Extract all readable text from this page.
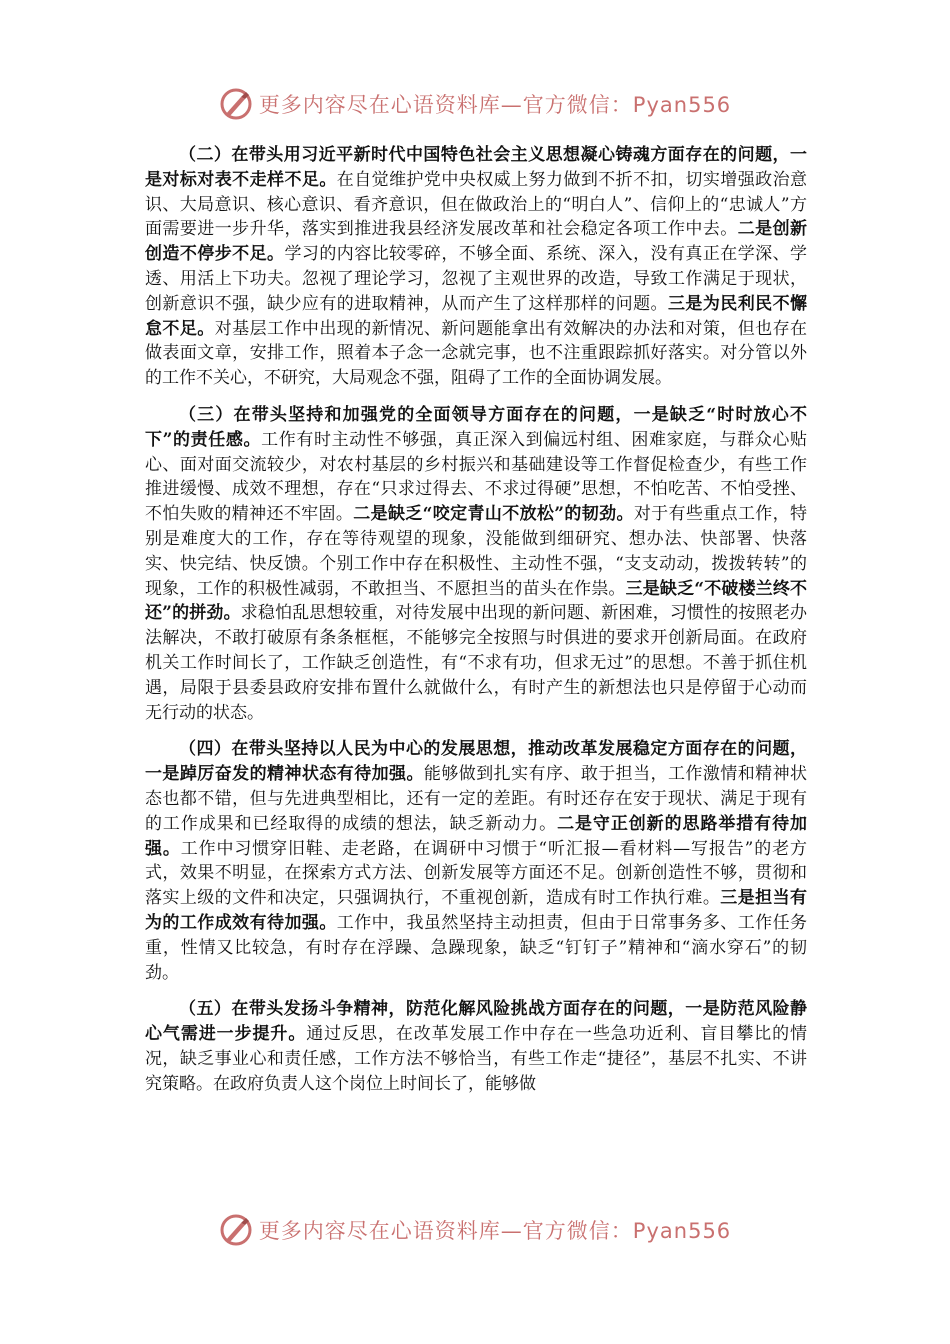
更多内容尽在心语资料库—官方微信：Pyan556

（二）在带头用习近平新时代中国特色社会主义思想凝心铸魂方面存在的问题，一是对标对表不走样不足。在自觉维护党中央权威上努力做到不折不扣，切实增强政治意识、大局意识、核心意识、看齐意识，但在做政治上的“明白人”、信仰上的“忠诚人”方面需要进一步升华，落实到推进我县经济发展改革和社会稳定各项工作中去。二是创新创造不停步不足。学习的内容比较零碎，不够全面、系统、深入，没有真正在学深、学透、用活上下功夫。忽视了理论学习，忽视了主观世界的改造，导致工作满足于现状，创新意识不强，缺少应有的进取精神，从而产生了这样那样的问题。三是为民利民不懈怠不足。对基层工作中出现的新情况、新问题能拿出有效解决的办法和对策，但也存在做表面文章，安排工作，照着本子念一念就完事，也不注重跟踪抓好落实。对分管以外的工作不关心，不研究，大局观念不强，阻碍了工作的全面协调发展。

（三）在带头坚持和加强党的全面领导方面存在的问题，一是缺乏“时时放心不下”的责任感。工作有时主动性不够强，真正深入到偏远村组、困难家庭，与群众心贴心、面对面交流较少，对农村基层的乡村振兴和基础建设等工作督促检查少，有些工作推进缓慢、成效不理想，存在“只求过得去、不求过得硬”思想，不怕吃苦、不怕受挫、不怕失败的精神还不牢固。二是缺乏“咬定青山不放松”的韧劲。对于有些重点工作，特别是难度大的工作，存在等待观望的现象，没能做到细研究、想办法、快部署、快落实、快完结、快反馈。个别工作中存在积极性、主动性不强，“支支动动，拨拨转转”的现象，工作的积极性减弱，不敢担当、不愿担当的苗头在作祟。三是缺乏“不破楼兰终不还”的拼劲。求稳怕乱思想较重，对待发展中出现的新问题、新困难，习惯性的按照老办法解决，不敢打破原有条条框框，不能够完全按照与时俱进的要求开创新局面。在政府机关工作时间长了，工作缺乏创造性，有“不求有功，但求无过”的思想。不善于抓住机遇，局限于县委县政府安排布置什么就做什么，有时产生的新想法也只是停留于心动而无行动的状态。

（四）在带头坚持以人民为中心的发展思想，推动改革发展稳定方面存在的问题，一是踔厉奋发的精神状态有待加强。能够做到扎实有序、敢于担当，工作激情和精神状态也都不错，但与先进典型相比，还有一定的差距。有时还存在安于现状、满足于现有的工作成果和已经取得的成绩的想法，缺乏新动力。二是守正创新的思路举措有待加强。工作中习惯穿旧鞋、走老路，在调研中习惯于“听汇报—看材料—写报告”的老方式，效果不明显，在探索方式方法、创新发展等方面还不足。创新创造性不够，贯彻和落实上级的文件和决定，只强调执行，不重视创新，造成有时工作执行难。三是担当有为的工作成效有待加强。工作中，我虽然坚持主动担责，但由于日常事务多、工作任务重，性情又比较急，有时存在浮躁、急躁现象，缺乏“钉钉子”精神和“滴水穿石”的韧劲。

（五）在带头发扬斗争精神，防范化解风险挑战方面存在的问题，一是防范风险静心气需进一步提升。通过反思，在改革发展工作中存在一些急功近利、盲目攀比的情况，缺乏事业心和责任感，工作方法不够恰当，有些工作走“捷径”，基层不扎实、不讲究策略。在政府负责人这个岗位上时间长了，能够做

更多内容尽在心语资料库—官方微信：Pyan556
